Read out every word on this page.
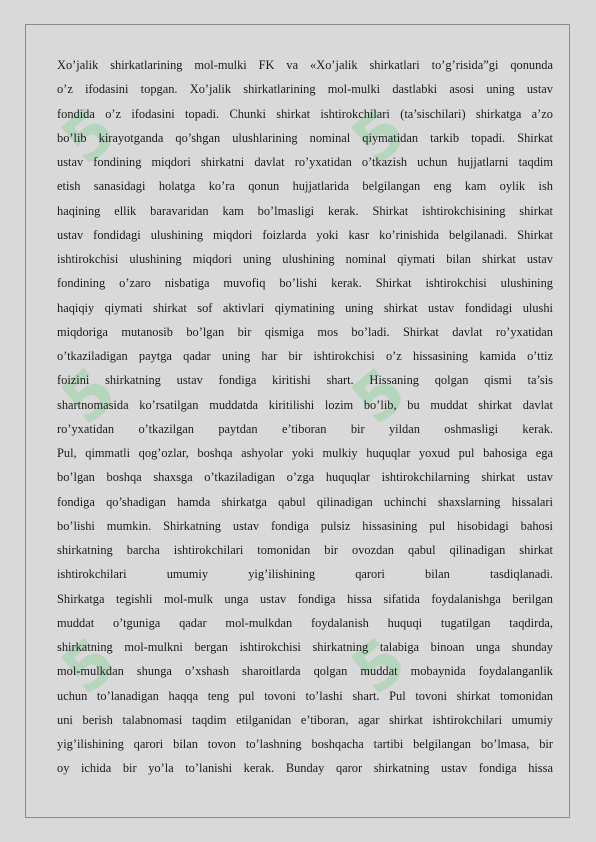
5	5
5	5
5	5

Xo’jalik shirkatlarining mol-mulki FK va «Xo’jalik shirkatlari to’g’risida”gi qonunda

o’z ifodasini topgan. Xo’jalik shirkatlarining mol-mulki dastlabki asosi uning ustav

fondida o’z ifodasini topadi. Chunki shirkat ishtirokchilari (ta’sischilari) shirkatga a’zo

bo’lib kirayotganda qo’shgan ulushlarining nominal qiymatidan tarkib topadi. Shirkat

ustav fondining miqdori shirkatni davlat ro’yxatidan o’tkazish uchun hujjatlarni taqdim

etish sanasidagi holatga ko’ra qonun hujjatlarida belgilangan eng kam oylik ish

haqining ellik baravaridan kam bo’lmasligi kerak. Shirkat ishtirokchisining shirkat

ustav fondidagi ulushining miqdori foizlarda yoki kasr ko’rinishida belgilanadi. Shirkat

ishtirokchisi ulushining miqdori uning ulushining nominal qiymati bilan shirkat ustav

fondining o’zaro nisbatiga muvofiq bo’lishi kerak. Shirkat ishtirokchisi ulushining

haqiqiy qiymati shirkat sof aktivlari qiymatining uning shirkat ustav fondidagi ulushi

miqdoriga mutanosib bo’lgan bir qismiga mos bo’ladi. Shirkat davlat ro’yxatidan

o’tkaziladigan paytga qadar uning har bir ishtirokchisi o’z hissasining kamida o’ttiz

foizini shirkatning ustav fondiga kiritishi shart. Hissaning qolgan qismi ta’sis

shartnomasida ko’rsatilgan muddatda kiritilishi lozim bo’lib, bu muddat shirkat davlat

ro’yxatidan o’tkazilgan paytdan e’tiboran bir yildan oshmasligi kerak.

Pul, qimmatli qog’ozlar, boshqa ashyolar yoki mulkiy huquqlar yoxud pul bahosiga ega

bo’lgan boshqa shaxsga o’tkaziladigan o’zga huquqlar ishtirokchilarning shirkat ustav

fondiga qo’shadigan hamda shirkatga qabul qilinadigan uchinchi shaxslarning hissalari

bo’lishi mumkin. Shirkatning ustav fondiga pulsiz hissasining pul hisobidagi bahosi

shirkatning barcha ishtirokchilari tomonidan bir ovozdan qabul qilinadigan shirkat

ishtirokchilari umumiy yig’ilishining qarori bilan tasdiqlanadi.

Shirkatga tegishli mol-mulk unga ustav fondiga hissa sifatida foydalanishga berilgan

muddat o’tguniga qadar mol-mulkdan foydalanish huquqi tugatilgan taqdirda,

shirkatning mol-mulkni bergan ishtirokchisi shirkatning talabiga binoan unga shunday

mol-mulkdan shunga o’xshash sharoitlarda qolgan muddat mobaynida foydalanganlik

uchun to’lanadigan haqqa teng pul tovoni to’lashi shart. Pul tovoni shirkat tomonidan

uni berish talabnomasi taqdim etilganidan e’tiboran, agar shirkat ishtirokchilari umumiy

yig’ilishining qarori bilan tovon to’lashning boshqacha tartibi belgilangan bo’lmasa, bir

oy ichida bir yo’la to’lanishi kerak. Bunday qaror shirkatning ustav fondiga hissa
